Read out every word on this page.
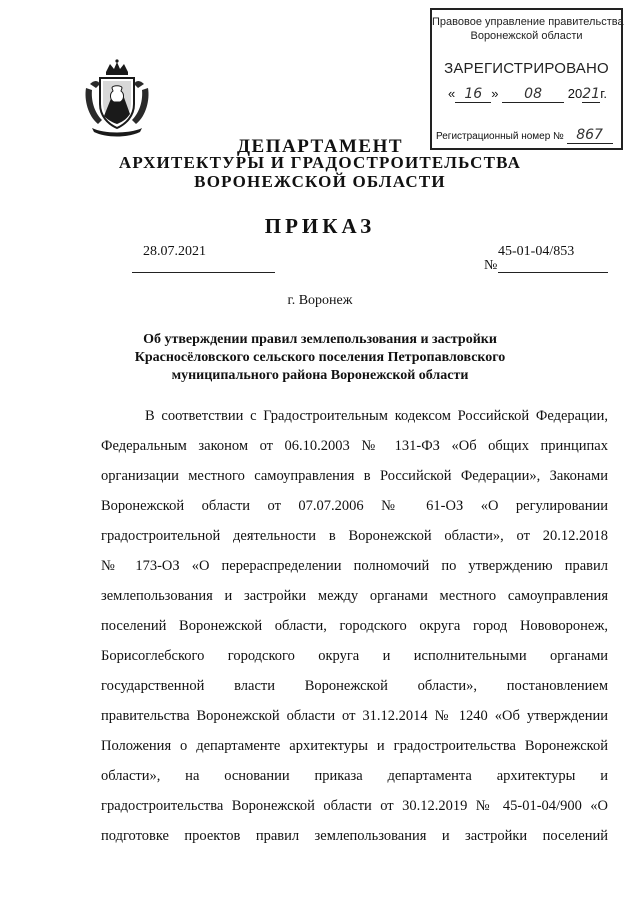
Правовое управление правительства
Воронежской области
ЗАРЕГИСТРИРОВАНО
« 16 » 08 2021г.
Регистрационный номер № 867
ДЕПАРТАМЕНТ
АРХИТЕКТУРЫ И ГРАДОСТРОИТЕЛЬСТВА
ВОРОНЕЖСКОЙ ОБЛАСТИ
ПРИКАЗ
28.07.2021	45-01-04/853
№
г. Воронеж
Об утверждении правил землепользования и застройки
Красносёловского сельского поселения Петропавловского
муниципального района Воронежской области
В соответствии с Градостроительным кодексом Российской Федерации,
Федеральным законом от 06.10.2003 № 131-ФЗ «Об общих принципах
организации местного самоуправления в Российской Федерации», Законами
Воронежской области от 07.07.2006 № 61-ОЗ «О регулировании
градостроительной деятельности в Воронежской области», от 20.12.2018
№ 173-ОЗ «О перераспределении полномочий по утверждению правил
землепользования и застройки между органами местного самоуправления
поселений Воронежской области, городского округа город Нововоронеж,
Борисоглебского городского округа и исполнительными органами
государственной власти Воронежской области», постановлением
правительства Воронежской области от 31.12.2014 № 1240 «Об утверждении
Положения о департаменте архитектуры и градостроительства Воронежской
области», на основании приказа департамента архитектуры и
градостроительства Воронежской области от 30.12.2019 № 45-01-04/900 «О
подготовке проектов правил землепользования и застройки поселений
